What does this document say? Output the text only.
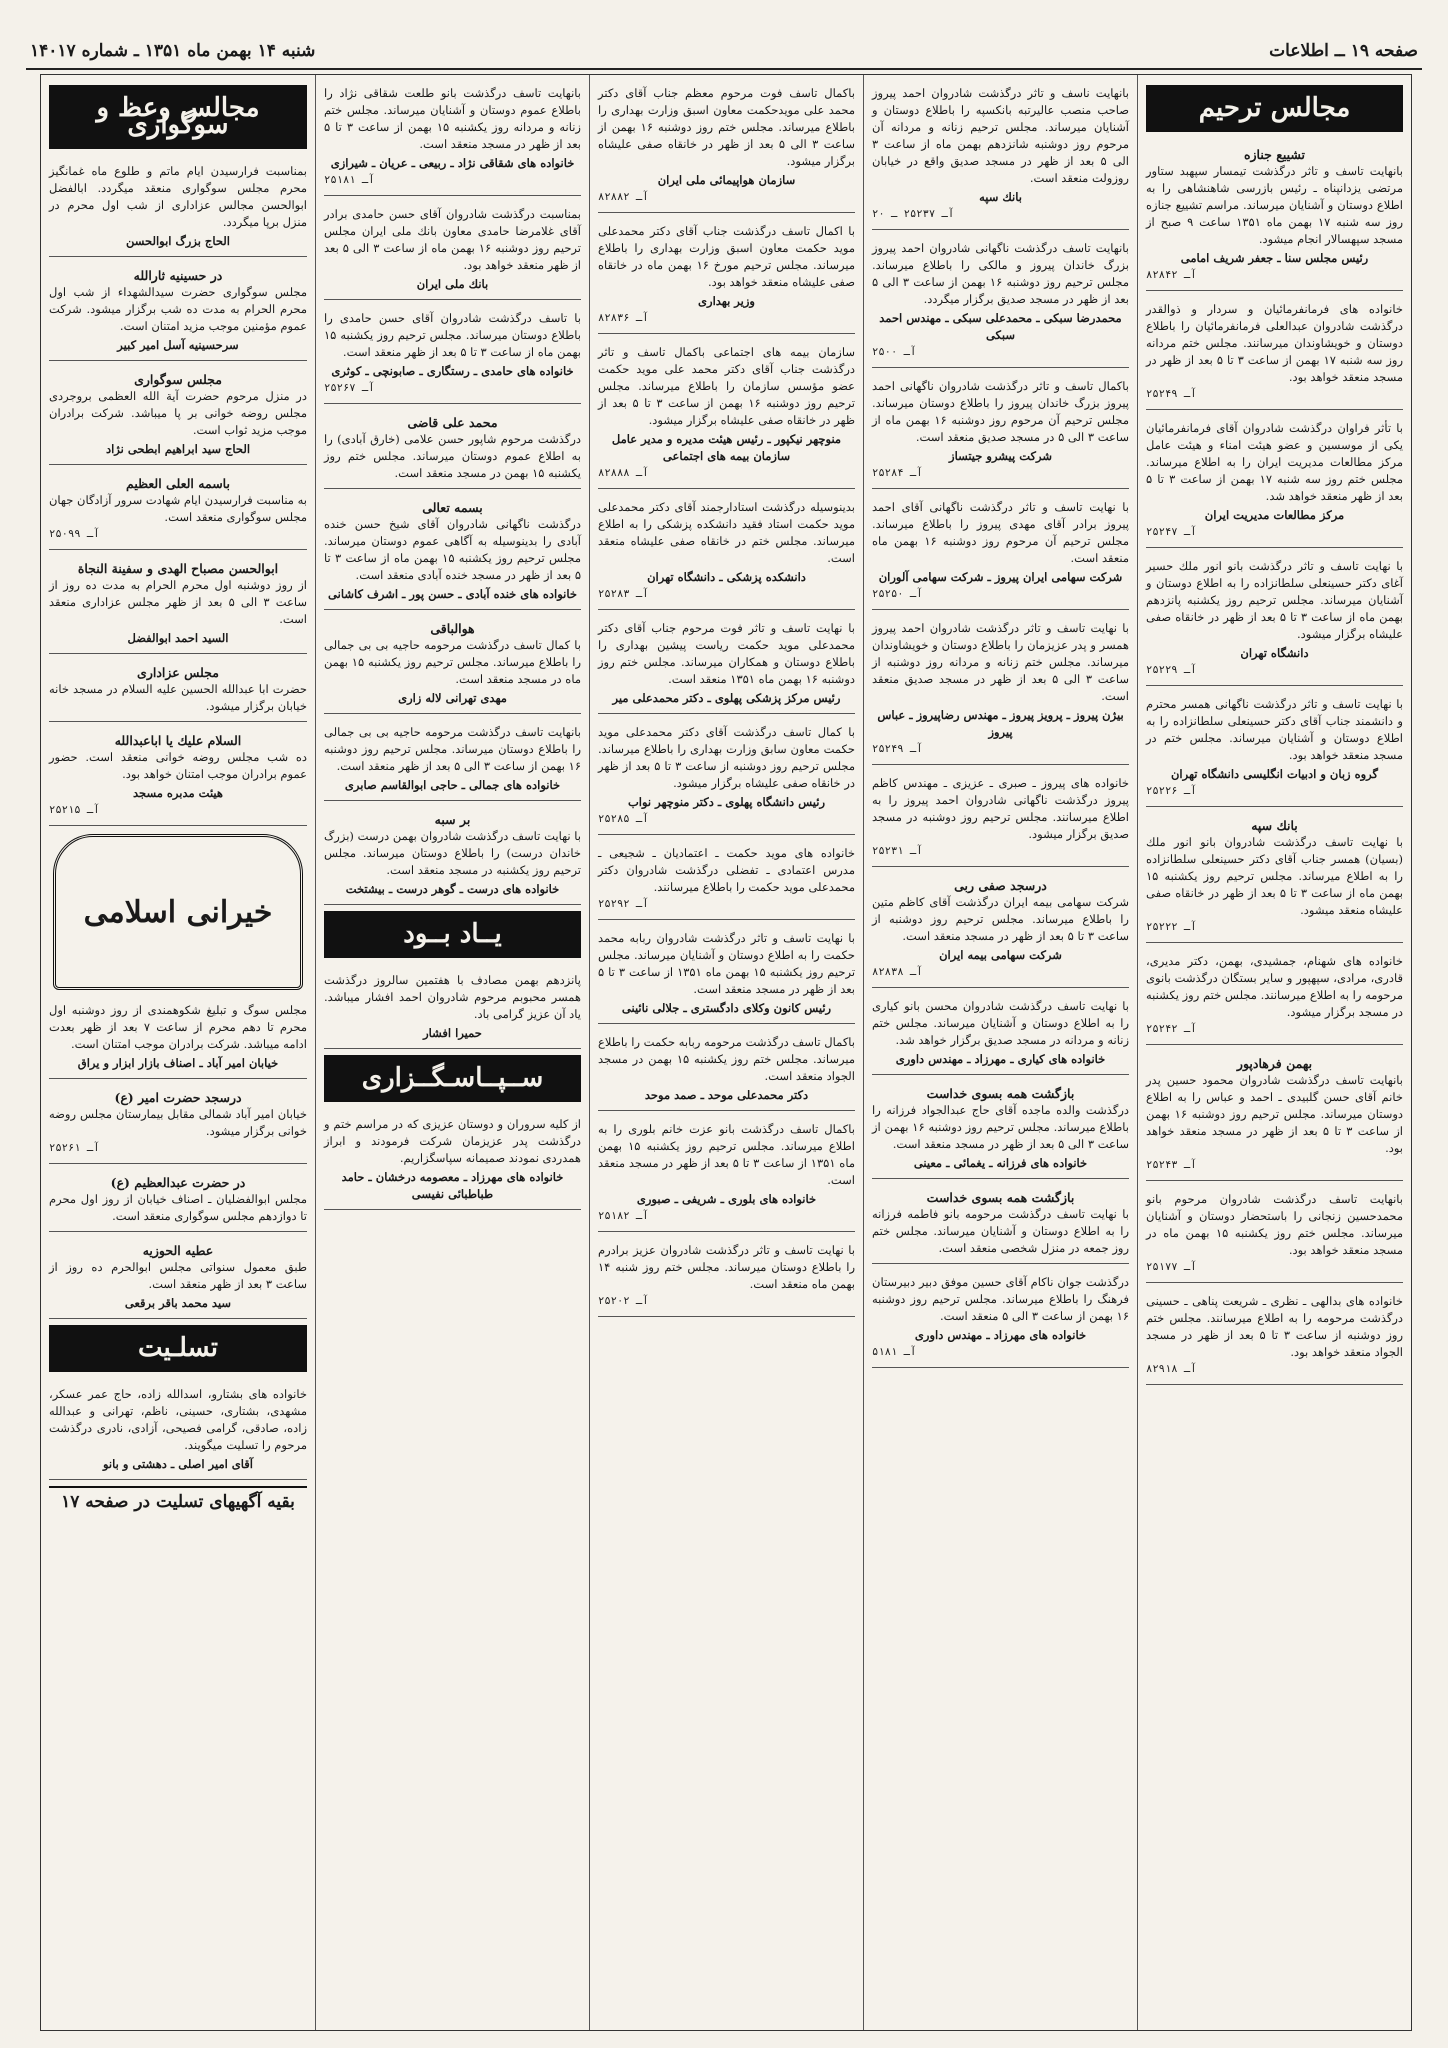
صفحه ۱۹ ــ اطلاعات
شنبه ۱۴ بهمن ماه ۱۳۵۱ ـ شماره ۱۴۰۱۷
مجالس ترحيم
تشييع جنازه
بانهايت تاسف و تاثر درگذشت تيمسار سپهبد ستاور مرتضى يزدانپناه ـ رئيس بازرسى شاهنشاهى را به اطلاع دوستان و آشنايان ميرساند. مراسم تشييع جنازه روز سه شنبه ۱۷ بهمن ماه ۱۳۵۱ ساعت ۹ صبح از مسجد سپهسالار انجام ميشود.
رئيس مجلس سنا ـ جعفر شريف امامى
آـ ۸۲۸۴۲
خانواده هاى فرمانفرمائيان و سردار و ذوالقدر درگذشت شادروان عبدالعلى فرمانفرمائيان را باطلاع دوستان و خويشاوندان ميرسانند. مجلس ختم مردانه روز سه شنبه ۱۷ بهمن از ساعت ۳ تا ۵ بعد از ظهر در مسجد منعقد خواهد بود.
آـ ۲۵۲۴۹
با تأثر فراوان درگذشت شادروان آقاى فرمانفرمائيان يكى از موسسين و عضو هيئت امناء و هيئت عامل مركز مطالعات مديريت ايران را به اطلاع ميرساند. مجلس ختم روز سه شنبه ۱۷ بهمن از ساعت ۳ تا ۵ بعد از ظهر منعقد خواهد شد.
مركز مطالعات مديريت ايران
آـ ۲۵۲۴۷
با نهايت تاسف و تاثر درگذشت بانو انور ملك حسير آغاى دكتر حسينعلى سلطانزاده را به اطلاع دوستان و آشنايان ميرساند. مجلس ترحيم روز يكشنبه پانزدهم بهمن ماه از ساعت ۳ تا ۵ بعد از ظهر در خانقاه صفى عليشاه برگزار ميشود.
دانشگاه تهران
آـ ۲۵۲۲۹
با نهايت تاسف و تاثر درگذشت ناگهانى همسر محترم و دانشمند جناب آقاى دكتر حسينعلى سلطانزاده را به اطلاع دوستان و آشنايان ميرساند. مجلس ختم در مسجد منعقد خواهد بود.
گروه زبان و ادبيات انگليسى دانشگاه تهران
آـ ۲۵۲۲۶
بانك سپه
با نهايت تاسف درگذشت شادروان بانو انور ملك (بسيان) همسر جناب آقاى دكتر حسينعلى سلطانزاده را به اطلاع ميرساند. مجلس ترحيم روز يكشنبه ۱۵ بهمن ماه از ساعت ۳ تا ۵ بعد از ظهر در خانقاه صفى عليشاه منعقد ميشود.
آـ ۲۵۲۲۲
خانواده هاى شهنام، جمشيدى، بهمن، دكتر مديرى، قادرى، مرادى، سپهپور و ساير بستگان درگذشت بانوى مرحومه را به اطلاع ميرسانند. مجلس ختم روز يكشنبه در مسجد برگزار ميشود.
آـ ۲۵۲۴۲
بهمن فرهادپور
بانهايت تاسف درگذشت شادروان محمود حسين پدر خانم آقاى حسن گلبيدى ـ احمد و عباس را به اطلاع دوستان ميرساند. مجلس ترحيم روز دوشنبه ۱۶ بهمن از ساعت ۳ تا ۵ بعد از ظهر در مسجد منعقد خواهد بود.
آـ ۲۵۲۴۳
بانهايت تاسف درگذشت شادروان مرحوم بانو محمدحسين زنجانى را باستحضار دوستان و آشنايان ميرساند. مجلس ختم روز يكشنبه ۱۵ بهمن ماه در مسجد منعقد خواهد بود.
آـ ۲۵۱۷۷
خانواده هاى بدالهى ـ نظرى ـ شريعت پناهى ـ حسينى درگذشت مرحومه را به اطلاع ميرسانند. مجلس ختم روز دوشنبه از ساعت ۳ تا ۵ بعد از ظهر در مسجد الجواد منعقد خواهد بود.
آـ ۸۲۹۱۸
بانهايت ناسف و تاثر درگذشت شادروان احمد پيروز صاحب منصب عاليرتبه بانكسپه را باطلاع دوستان و آشنايان ميرساند. مجلس ترحيم زنانه و مردانه آن مرحوم روز دوشنبه شانزدهم بهمن ماه از ساعت ۳ الى ۵ بعد از ظهر در مسجد صديق واقع در خيابان روزولت منعقد است.
بانك سپه
آـ ۲۵۲۳۷ ـ ۲۰
بانهايت تاسف درگذشت ناگهانى شادروان احمد پيروز بزرگ خاندان پيروز و مالكى را باطلاع ميرساند. مجلس ترحيم روز دوشنبه ۱۶ بهمن از ساعت ۳ الى ۵ بعد از ظهر در مسجد صديق برگزار ميگردد.
محمدرضا سبكى ـ محمدعلى سبكى ـ مهندس احمد سبكى
آـ ۲۵۰۰
باكمال تاسف و تاثر درگذشت شادروان ناگهانى احمد پيروز بزرگ خاندان پيروز را باطلاع دوستان ميرساند. مجلس ترحيم آن مرحوم روز دوشنبه ۱۶ بهمن ماه از ساعت ۳ الى ۵ در مسجد صديق منعقد است.
شركت پيشرو جيتساز
آـ ۲۵۲۸۴
با نهايت تاسف و تاثر درگذشت ناگهانى آقاى احمد پيروز برادر آقاى مهدى پيروز را باطلاع ميرساند. مجلس ترحيم آن مرحوم روز دوشنبه ۱۶ بهمن ماه منعقد است.
شركت سهامى ايران پيروز ـ شركت سهامى آلوران
آـ ۲۵۲۵۰
با نهايت تاسف و تاثر درگذشت شادروان احمد پيروز همسر و پدر عزيزمان را باطلاع دوستان و خويشاوندان ميرساند. مجلس ختم زنانه و مردانه روز دوشنبه از ساعت ۳ الى ۵ بعد از ظهر در مسجد صديق منعقد است.
بيژن پيروز ـ پرويز پيروز ـ مهندس رضاپيروز ـ عباس پيروز
آـ ۲۵۲۴۹
خانواده هاى پيروز ـ صبرى ـ عزيزى ـ مهندس كاظم پيروز درگذشت ناگهانى شادروان احمد پيروز را به اطلاع ميرسانند. مجلس ترحيم روز دوشنبه در مسجد صديق برگزار ميشود.
آـ ۲۵۲۳۱
درسجد صفى ربى
شركت سهامى بيمه ايران درگذشت آقاى كاظم متين را باطلاع ميرساند. مجلس ترحيم روز دوشنبه از ساعت ۳ تا ۵ بعد از ظهر در مسجد منعقد است.
شركت سهامى بيمه ايران
آـ ۸۲۸۳۸
با نهايت تاسف درگذشت شادروان محسن بانو كيارى را به اطلاع دوستان و آشنايان ميرساند. مجلس ختم زنانه و مردانه در مسجد صديق برگزار خواهد شد.
خانواده هاى كيارى ـ مهرزاد ـ مهندس داورى
بازگشت همه بسوى خداست
درگذشت والده ماجده آقاى حاج عبدالجواد فرزانه را باطلاع ميرساند. مجلس ترحيم روز دوشنبه ۱۶ بهمن از ساعت ۳ الى ۵ بعد از ظهر در مسجد منعقد است.
خانواده هاى فرزانه ـ يغمائى ـ معينى
بازگشت همه بسوى خداست
با نهايت تاسف درگذشت مرحومه بانو فاطمه فرزانه را به اطلاع دوستان و آشنايان ميرساند. مجلس ختم روز جمعه در منزل شخصى منعقد است.
درگذشت جوان ناكام آقاى حسين موفق دبير دبيرستان فرهنگ را باطلاع ميرساند. مجلس ترحيم روز دوشنبه ۱۶ بهمن از ساعت ۳ الى ۵ منعقد است.
خانواده هاى مهرزاد ـ مهندس داورى
آـ ۵۱۸۱
باكمال تاسف فوت مرحوم معظم جناب آقاى دكتر محمد على مويدحكمت معاون اسبق وزارت بهدارى را باطلاع ميرساند. مجلس ختم روز دوشنبه ۱۶ بهمن از ساعت ۳ الى ۵ بعد از ظهر در خانقاه صفى عليشاه برگزار ميشود.
سازمان هواپيمائى ملى ايران
آـ ۸۲۸۸۲
با اكمال تاسف درگذشت جناب آقاى دكتر محمدعلى مويد حكمت معاون اسبق وزارت بهدارى را باطلاع ميرساند. مجلس ترحيم مورخ ۱۶ بهمن ماه در خانقاه صفى عليشاه منعقد خواهد بود.
وزير بهدارى
آـ ۸۲۸۳۶
سازمان بيمه هاى اجتماعى باكمال تاسف و تاثر درگذشت جناب آقاى دكتر محمد على مويد حكمت عضو مؤسس سازمان را باطلاع ميرساند. مجلس ترحيم روز دوشنبه ۱۶ بهمن از ساعت ۳ تا ۵ بعد از ظهر در خانقاه صفى عليشاه برگزار ميشود.
منوچهر نيكپور ـ رئيس هيئت مديره و مدير عامل سازمان بيمه هاى اجتماعى
آـ ۸۲۸۸۸
بدينوسيله درگذشت استادارجمند آقاى دكتر محمدعلى مويد حكمت استاد فقيد دانشكده پزشكى را به اطلاع ميرساند. مجلس ختم در خانقاه صفى عليشاه منعقد است.
دانشكده پزشكى ـ دانشگاه تهران
آـ ۲۵۲۸۳
با نهايت تاسف و تاثر فوت مرحوم جناب آقاى دكتر محمدعلى مويد حكمت رياست پيشين بهدارى را باطلاع دوستان و همكاران ميرساند. مجلس ختم روز دوشنبه ۱۶ بهمن ماه ۱۳۵۱ منعقد است.
رئيس مركز پزشكى پهلوى ـ دكتر محمدعلى مير
با كمال تاسف درگذشت آقاى دكتر محمدعلى مويد حكمت معاون سابق وزارت بهدارى را باطلاع ميرساند. مجلس ترحيم روز دوشنبه از ساعت ۳ تا ۵ بعد از ظهر در خانقاه صفى عليشاه برگزار ميشود.
رئيس دانشگاه پهلوى ـ دكتر منوچهر نواب
آـ ۲۵۲۸۵
خانواده هاى مويد حكمت ـ اعتماديان ـ شجيعى ـ مدرس اعتمادى ـ تفضلى درگذشت شادروان دكتر محمدعلى مويد حكمت را باطلاع ميرسانند.
آـ ۲۵۲۹۲
با نهايت تاسف و تاثر درگذشت شادروان ربابه محمد حكمت را به اطلاع دوستان و آشنايان ميرساند. مجلس ترحيم روز يكشنبه ۱۵ بهمن ماه ۱۳۵۱ از ساعت ۳ تا ۵ بعد از ظهر در مسجد منعقد است.
رئيس كانون وكلاى دادگسترى ـ جلالى نائينى
باكمال تاسف درگذشت مرحومه ربابه حكمت را باطلاع ميرساند. مجلس ختم روز يكشنبه ۱۵ بهمن در مسجد الجواد منعقد است.
دكتر محمدعلى موحد ـ صمد موحد
باكمال تاسف درگذشت بانو عزت خانم بلورى را به اطلاع ميرساند. مجلس ترحيم روز يكشنبه ۱۵ بهمن ماه ۱۳۵۱ از ساعت ۳ تا ۵ بعد از ظهر در مسجد منعقد است.
خانواده هاى بلورى ـ شريفى ـ صبورى
آـ ۲۵۱۸۲
با نهايت تاسف و تاثر درگذشت شادروان عزيز برادرم را باطلاع دوستان ميرساند. مجلس ختم روز شنبه ۱۴ بهمن ماه منعقد است.
آـ ۲۵۲۰۲
بانهايت تاسف درگذشت بانو طلعت شقاقى نژاد را باطلاع عموم دوستان و آشنايان ميرساند. مجلس ختم زنانه و مردانه روز يكشنبه ۱۵ بهمن از ساعت ۳ تا ۵ بعد از ظهر در مسجد منعقد است.
خانواده هاى شقاقى نژاد ـ ربيعى ـ عريان ـ شيرازى
آـ ۲۵۱۸۱
بمناسبت درگذشت شادروان آقاى حسن حامدى برادر آقاى غلامرضا حامدى معاون بانك ملى ايران مجلس ترحيم روز دوشنبه ۱۶ بهمن ماه از ساعت ۳ الى ۵ بعد از ظهر منعقد خواهد بود.
بانك ملى ايران
با تاسف درگذشت شادروان آقاى حسن حامدى را باطلاع دوستان ميرساند. مجلس ترحيم روز يكشنبه ۱۵ بهمن ماه از ساعت ۳ تا ۵ بعد از ظهر منعقد است.
خانواده هاى حامدى ـ رستگارى ـ صابونچى ـ كوثرى
آـ ۲۵۲۶۷
محمد على قاضى
درگذشت مرحوم شاپور حسن علامى (خارق آبادى) را به اطلاع عموم دوستان ميرساند. مجلس ختم روز يكشنبه ۱۵ بهمن در مسجد منعقد است.
بسمه تعالى
درگذشت ناگهانى شادروان آقاى شيخ حسن خنده آبادى را بدينوسيله به آگاهى عموم دوستان ميرساند. مجلس ترحيم روز يكشنبه ۱۵ بهمن ماه از ساعت ۳ تا ۵ بعد از ظهر در مسجد خنده آبادى منعقد است.
خانواده هاى خنده آبادى ـ حسن پور ـ اشرف كاشانى
هوالباقى
با كمال تاسف درگذشت مرحومه حاجيه بى بى جمالى را باطلاع ميرساند. مجلس ترحيم روز يكشنبه ۱۵ بهمن ماه در مسجد منعقد است.
مهدى تهرانى لاله زارى
بانهايت تاسف درگذشت مرحومه حاجيه بى بى جمالى را باطلاع دوستان ميرساند. مجلس ترحيم روز دوشنبه ۱۶ بهمن از ساعت ۳ الى ۵ بعد از ظهر منعقد است.
خانواده هاى جمالى ـ حاجى ابوالقاسم صابرى
بر سبه
با نهايت تاسف درگذشت شادروان بهمن درست (بزرگ خاندان درست) را باطلاع دوستان ميرساند. مجلس ترحيم روز يكشنبه در مسجد منعقد است.
خانواده هاى درست ـ گوهر درست ـ بيشتخت
يــاد بــود
پانزدهم بهمن مصادف با هفتمين سالروز درگذشت همسر محبوبم مرحوم شادروان احمد افشار ميباشد. ياد آن عزيز گرامى باد.
حميرا افشار
ســپــاسـگــزارى
از كليه سروران و دوستان عزيزى كه در مراسم ختم و درگذشت پدر عزيزمان شركت فرمودند و ابراز همدردى نمودند صميمانه سپاسگزاريم.
خانواده هاى مهرزاد ـ معصومه درخشان ـ حامد طباطبائى نفيسى
مجالس وعظ و سوگوارى
بمناسبت فرارسيدن ايام ماتم و طلوع ماه غمانگيز محرم مجلس سوگوارى منعقد ميگردد. ابالفضل ابوالحسن مجالس عزادارى از شب اول محرم در منزل برپا ميگردد.
الحاج بزرگ ابوالحسن
در حسينيه ثارالله
مجلس سوگوارى حضرت سيدالشهداء از شب اول محرم الحرام به مدت ده شب برگزار ميشود. شركت عموم مؤمنين موجب مزيد امتنان است.
سرحسينيه آسل امير كبير
مجلس سوگوارى
در منزل مرحوم حضرت آية الله العظمى بروجردى مجلس روضه خوانى بر پا ميباشد. شركت برادران موجب مزيد ثواب است.
الحاج سيد ابراهيم ابطحى نژاد
باسمه العلى العظيم
به مناسبت فرارسيدن ايام شهادت سرور آزادگان جهان مجلس سوگوارى منعقد است.
آـ ۲۵۰۹۹
ابوالحسن مصباح الهدى و سفينة النجاة
از روز دوشنبه اول محرم الحرام به مدت ده روز از ساعت ۳ الى ۵ بعد از ظهر مجلس عزادارى منعقد است.
السيد احمد ابوالفضل
مجلس عزادارى
حضرت ابا عبدالله الحسين عليه السلام در مسجد خانه خيابان برگزار ميشود.
السلام عليك يا اباعبدالله
ده شب مجلس روضه خوانى منعقد است. حضور عموم برادران موجب امتنان خواهد بود.
هيئت مدبره مسجد
آـ ۲۵۲۱۵
خيرانى اسلامى
مجلس سوگ و تبليغ شكوهمندى از روز دوشنبه اول محرم تا دهم محرم از ساعت ۷ بعد از ظهر بعدت ادامه ميباشد. شركت برادران موجب امتنان است.
خيابان امير آباد ـ اصناف بازار ابزار و يراق
درسجد حضرت امير (ع)
خيابان امير آباد شمالى مقابل بيمارستان مجلس روضه خوانى برگزار ميشود.
آـ ۲۵۲۶۱
در حضرت عبدالعظيم (ع)
مجلس ابوالفضليان ـ اصناف خيابان از روز اول محرم تا دوازدهم مجلس سوگوارى منعقد است.
عطيه الحوزيه
طبق معمول سنواتى مجلس ابوالحرم ده روز از ساعت ۳ بعد از ظهر منعقد است.
سيد محمد باقر برقعى
تسلـيت
خانواده هاى بشتارو، اسدالله زاده، حاج عمر عسكر، مشهدى، بشتارى، حسينى، ناظم، تهرانى و عبدالله زاده، صادقى، گرامى فصيحى، آزادى، نادرى درگذشت مرحوم را تسليت ميگويند.
آقاى امير اصلى ـ دهشتى و بانو
بقيه آگهيهاى تسليت در صفحه ۱۷
